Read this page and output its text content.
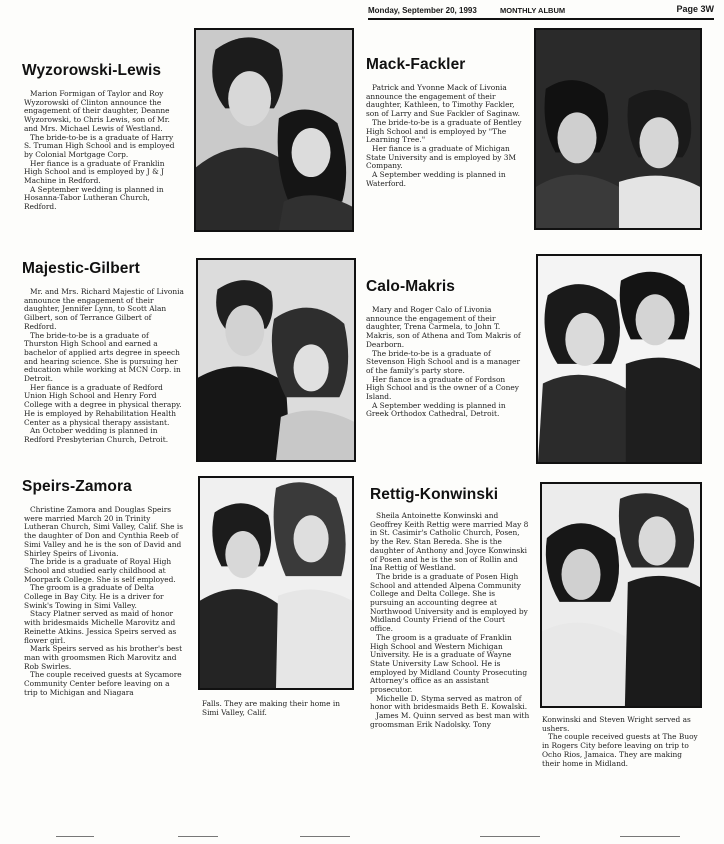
Monday, September 20, 1993	MONTHLY ALBUM	Page 3W
Wyzorowski-Lewis

Marion Formigan of Taylor and Roy Wyzorowski of Clinton announce the engagement of their daughter, Deanne Wyzorowski, to Chris Lewis, son of Mr. and Mrs. Michael Lewis of Westland.

The bride-to-be is a graduate of Harry S. Truman High School and is employed by Colonial Mortgage Corp.

Her fiance is a graduate of Franklin High School and is employed by J & J Machine in Redford.

A September wedding is planned in Hosanna-Tabor Lutheran Church, Redford.

Mack-Fackler

Patrick and Yvonne Mack of Livonia announce the engagement of their daughter, Kathleen, to Timothy Fackler, son of Larry and Sue Fackler of Saginaw.

The bride-to-be is a graduate of Bentley High School and is employed by "The Learning Tree."

Her fiance is a graduate of Michigan State University and is employed by 3M Company.

A September wedding is planned in Waterford.

Majestic-Gilbert

Mr. and Mrs. Richard Majestic of Livonia announce the engagement of their daughter, Jennifer Lynn, to Scott Alan Gilbert, son of Terrance Gilbert of Redford.

The bride-to-be is a graduate of Thurston High School and earned a bachelor of applied arts degree in speech and hearing science. She is pursuing her education while working at MCN Corp. in Detroit.

Her fiance is a graduate of Redford Union High School and Henry Ford College with a degree in physical therapy. He is employed by Rehabilitation Health Center as a physical therapy assistant.

An October wedding is planned in Redford Presbyterian Church, Detroit.

Calo-Makris

Mary and Roger Calo of Livonia announce the engagement of their daughter, Trena Carmela, to John T. Makris, son of Athena and Tom Makris of Dearborn.

The bride-to-be is a graduate of Stevenson High School and is a manager of the family's party store.

Her fiance is a graduate of Fordson High School and is the owner of a Coney Island.

A September wedding is planned in Greek Orthodox Cathedral, Detroit.

Speirs-Zamora

Christine Zamora and Douglas Speirs were married March 20 in Trinity Lutheran Church, Simi Valley, Calif. She is the daughter of Don and Cynthia Reeb of Simi Valley and he is the son of David and Shirley Speirs of Livonia.

The bride is a graduate of Royal High School and studied early childhood at Moorpark College. She is self employed.

The groom is a graduate of Delta College in Bay City. He is a driver for Swink's Towing in Simi Valley.

Stacy Platner served as maid of honor with bridesmaids Michelle Marovitz and Reinette Atkins. Jessica Speirs served as flower girl.

Mark Speirs served as his brother's best man with groomsmen Rich Marovitz and Rob Swirles.

The couple received guests at Sycamore Community Center before leaving on a trip to Michigan and Niagara

Falls. They are making their home in Simi Valley, Calif.
Rettig-Konwinski

Sheila Antoinette Konwinski and Geoffrey Keith Rettig were married May 8 in St. Casimir's Catholic Church, Posen, by the Rev. Stan Bereda. She is the daughter of Anthony and Joyce Konwinski of Posen and he is the son of Rollin and Ina Rettig of Westland.

The bride is a graduate of Posen High School and attended Alpena Community College and Delta College. She is pursuing an accounting degree at Northwood University and is employed by Midland County Friend of the Court office.

The groom is a graduate of Franklin High School and Western Michigan University. He is a graduate of Wayne State University Law School. He is employed by Midland County Prosecuting Attorney's office as an assistant prosecutor.

Michelle D. Styma served as matron of honor with bridesmaids Beth E. Kowalski.

James M. Quinn served as best man with groomsman Erik Nadolsky. Tony

Konwinski and Steven Wright served as ushers.

The couple received guests at The Buoy in Rogers City before leaving on trip to Ocho Rios, Jamaica. They are making their home in Midland.
